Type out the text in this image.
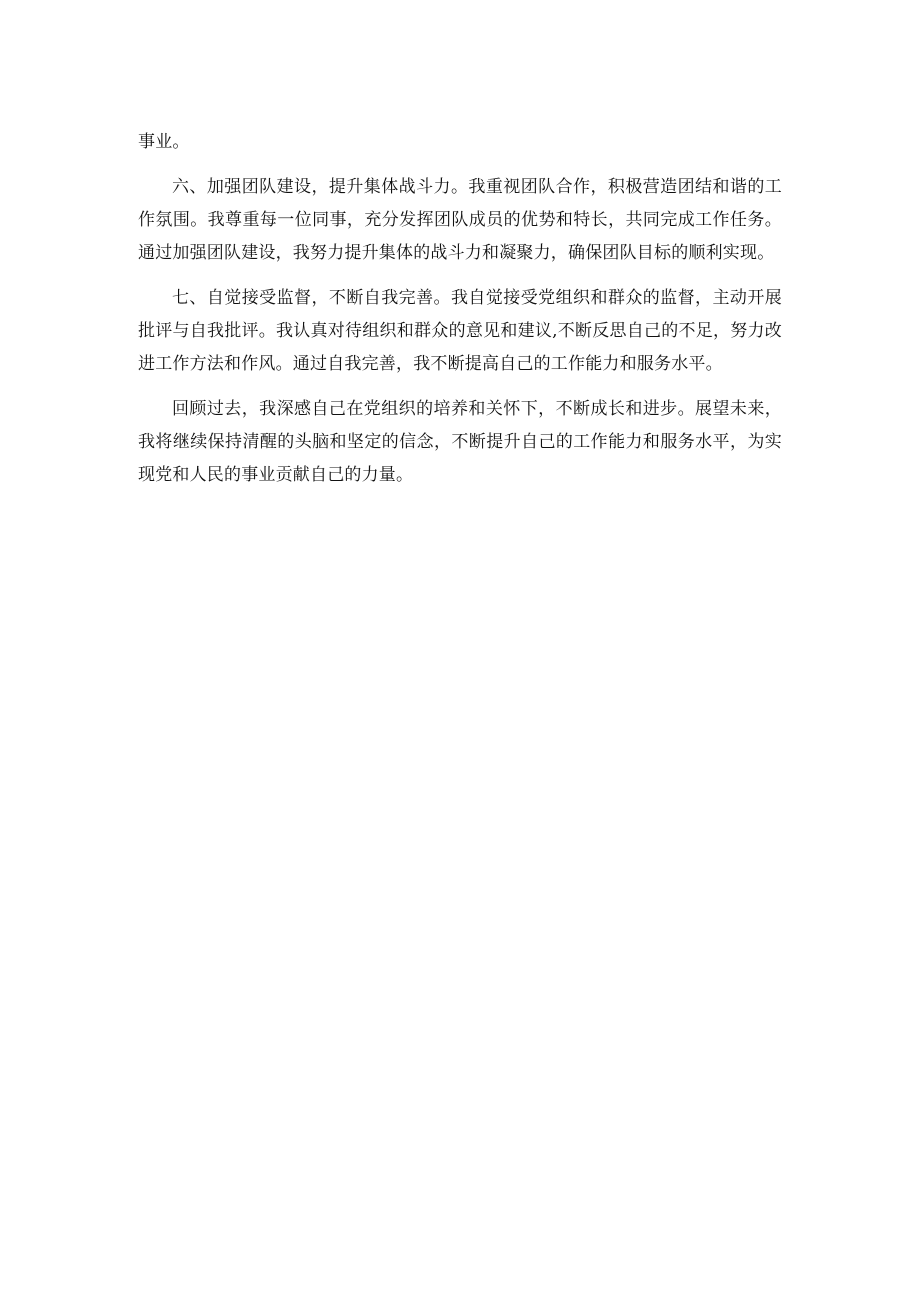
事业。

六、加强团队建设，提升集体战斗力。我重视团队合作，积极营造团结和谐的工作氛围。我尊重每一位同事，充分发挥团队成员的优势和特长，共同完成工作任务。通过加强团队建设，我努力提升集体的战斗力和凝聚力，确保团队目标的顺利实现。

七、自觉接受监督，不断自我完善。我自觉接受党组织和群众的监督，主动开展批评与自我批评。我认真对待组织和群众的意见和建议,不断反思自己的不足，努力改进工作方法和作风。通过自我完善，我不断提高自己的工作能力和服务水平。

回顾过去，我深感自己在党组织的培养和关怀下，不断成长和进步。展望未来，我将继续保持清醒的头脑和坚定的信念，不断提升自己的工作能力和服务水平，为实现党和人民的事业贡献自己的力量。
